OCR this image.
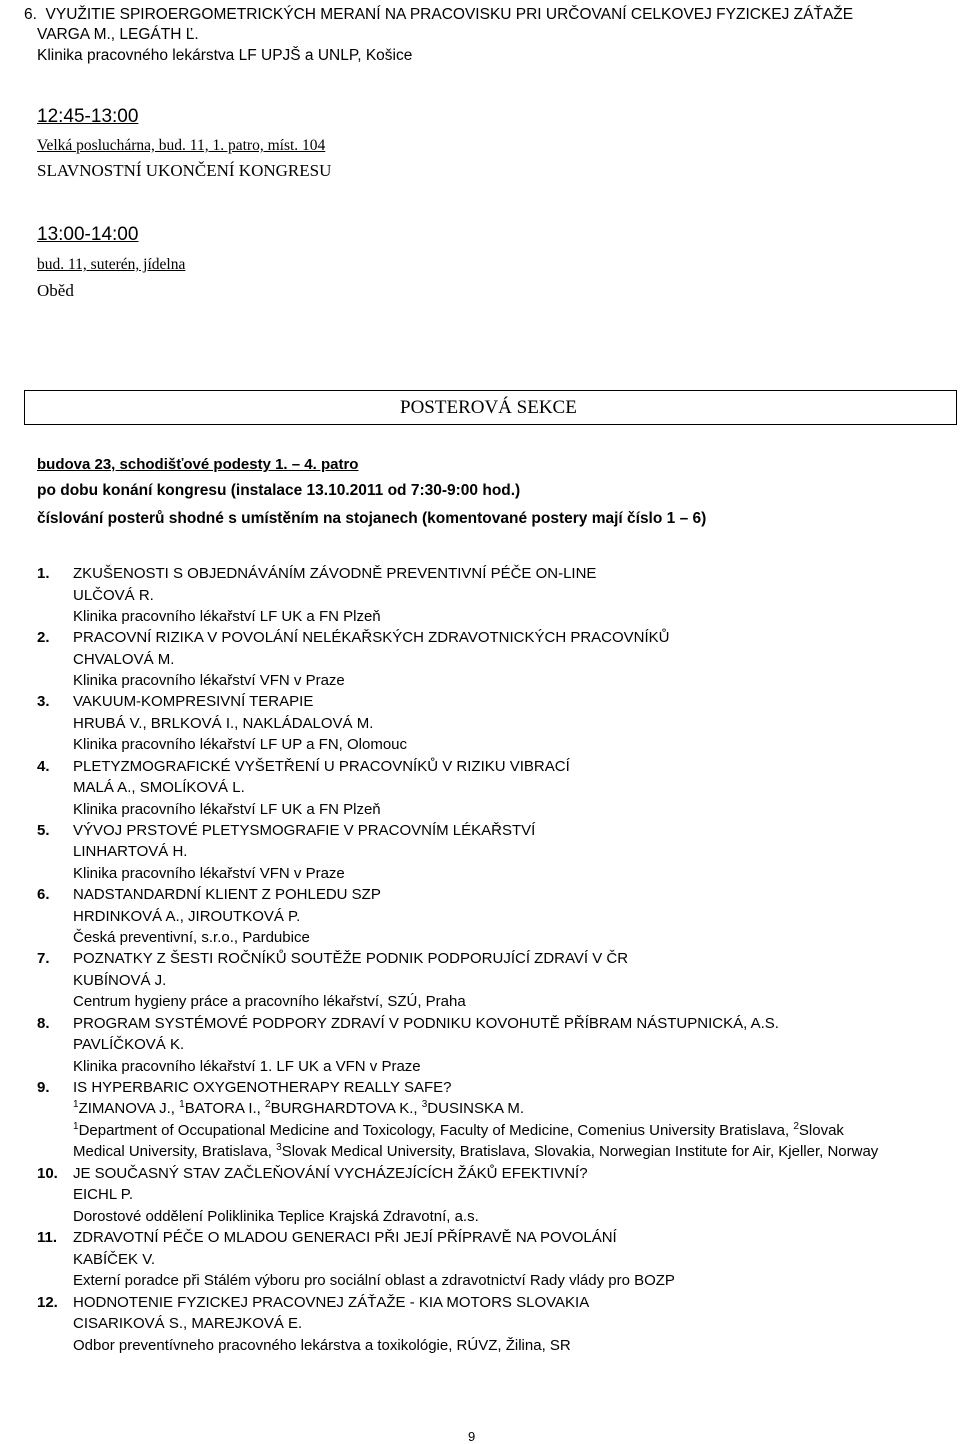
6.  VYUŽITIE SPIROERGOMETRICKÝCH MERANÍ NA PRACOVISKU PRI URČOVANÍ CELKOVEJ FYZICKEJ ZÁŤAŽE
VARGA M., LEGÁTH Ľ.
Klinika pracovného lekárstva LF UPJŠ a UNLP, Košice
12:45-13:00
Velká posluchárna, bud. 11, 1. patro, míst. 104
SLAVNOSTNÍ UKONČENÍ KONGRESU
13:00-14:00
bud. 11, suterén, jídelna
Oběd
POSTEROVÁ SEKCE
budova 23, schodišťové podesty 1. – 4. patro
po dobu konání kongresu (instalace 13.10.2011 od 7:30-9:00 hod.)
číslování posterů shodné s umístěním na stojanech (komentované postery mají číslo 1 – 6)
1. ZKUŠENOSTI S OBJEDNÁVÁNÍM ZÁVODNĚ PREVENTIVNÍ PÉČE ON-LINE
ULČOVÁ R.
Klinika pracovního lékařství LF UK a FN Plzeň
2. PRACOVNÍ RIZIKA V POVOLÁNÍ NELÉKAŘSKÝCH ZDRAVOTNICKÝCH PRACOVNÍKŮ
CHVALOVÁ M.
Klinika pracovního lékařství VFN v Praze
3. VAKUUM-KOMPRESIVNÍ TERAPIE
HRUBÁ V., BRLKOVÁ I., NAKLÁDALOVÁ M.
Klinika pracovního lékařství LF UP a FN, Olomouc
4. PLETYZMOGRAFICKÉ VYŠETŘENÍ U PRACOVNÍKŮ V RIZIKU VIBRACÍ
MALÁ A., SMOLÍKOVÁ L.
Klinika pracovního lékařství LF UK a FN Plzeň
5. VÝVOJ PRSTOVÉ PLETYSMOGRAFIE V PRACOVNÍM LÉKAŘSTVÍ
LINHARTOVÁ H.
Klinika pracovního lékařství VFN v Praze
6. NADSTANDARDNÍ KLIENT Z POHLEDU SZP
HRDINKOVÁ A., JIROUTKOVÁ P.
Česká preventivní, s.r.o., Pardubice
7. POZNATKY Z ŠESTI ROČNÍKŮ SOUTĚŽE PODNIK PODPORUJÍCÍ ZDRAVÍ V ČR
KUBÍNOVÁ J.
Centrum hygieny práce a pracovního lékařství, SZÚ, Praha
8. PROGRAM SYSTÉMOVÉ PODPORY ZDRAVÍ V PODNIKU KOVOHUTĚ PŘÍBRAM NÁSTUPNICKÁ, A.S.
PAVLÍČKOVÁ K.
Klinika pracovního lékařství 1. LF UK a VFN v Praze
9. IS HYPERBARIC OXYGENOTHERAPY REALLY SAFE?
$^1$ZIMANOVA J., $^1$BATORA I., $^2$BURGHARDTOVA K., $^3$DUSINSKA M.
$^1$Department of Occupational Medicine and Toxicology, Faculty of Medicine, Comenius University Bratislava, $^2$Slovak
Medical University, Bratislava, $^3$Slovak Medical University, Bratislava, Slovakia, Norwegian Institute for Air, Kjeller, Norway
10. JE SOUČASNÝ STAV ZAČLEŇOVÁNÍ VYCHÁZEJÍCÍCH ŽÁKŮ EFEKTIVNÍ?
EICHL P.
Dorostové oddělení Poliklinika Teplice Krajská Zdravotní, a.s.
11. ZDRAVOTNÍ PÉČE O MLADOU GENERACI PŘI JEJÍ PŘÍPRAVĚ NA POVOLÁNÍ
KABÍČEK V.
Externí poradce při Stálém výboru pro sociální oblast a zdravotnictví Rady vlády pro BOZP
12. HODNOTENIE FYZICKEJ PRACOVNEJ ZÁŤAŽE - KIA MOTORS SLOVAKIA
CISARIKOVÁ S., MAREJKOVÁ E.
Odbor preventívneho pracovného lekárstva a toxikológie, RÚVZ, Žilina, SR
9
